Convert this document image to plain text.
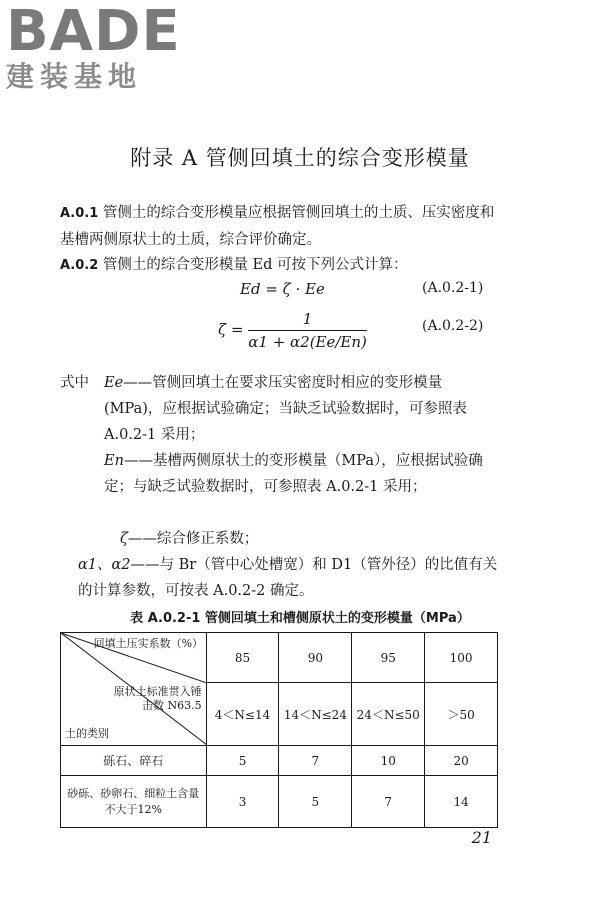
BADE
建装基地
附录 A 管侧回填土的综合变形模量
A.0.1 管侧土的综合变形模量应根据管侧回填土的土质、压实密度和基槽两侧原状土的土质，综合评价确定。
A.0.2 管侧土的综合变形模量 Ed 可按下列公式计算：
Ed = ζ · Ee	(A.0.2-1)
$\zeta = \frac{1}{\alpha 1 + \alpha 2(Ee/En)}$	(A.0.2-2)
式中 Ee——管侧回填土在要求压实密度时相应的变形模量(MPa)，应根据试验确定；当缺乏试验数据时，可参照表 A.0.2-1 采用；
En——基槽两侧原状土的变形模量（MPa），应根据试验确定；与缺乏试验数据时，可参照表 A.0.2-1 采用；
ζ——综合修正系数；
α1、α2——与 Br（管中心处槽宽）和 D1（管外径）的比值有关的计算参数，可按表 A.0.2-2 确定。
表 A.0.2-1 管侧回填土和槽侧原状土的变形模量（MPa）
回填土压实系数（%）
原状土标准贯入锤击数 N63.5
土的类别	85	90	95	100
	4＜N≤14	14＜N≤24	24＜N≤50	＞50
砾石、碎石	5	7	10	20
砂砾、砂卵石、细粒土含量不大于12%	3	5	7	14
21
